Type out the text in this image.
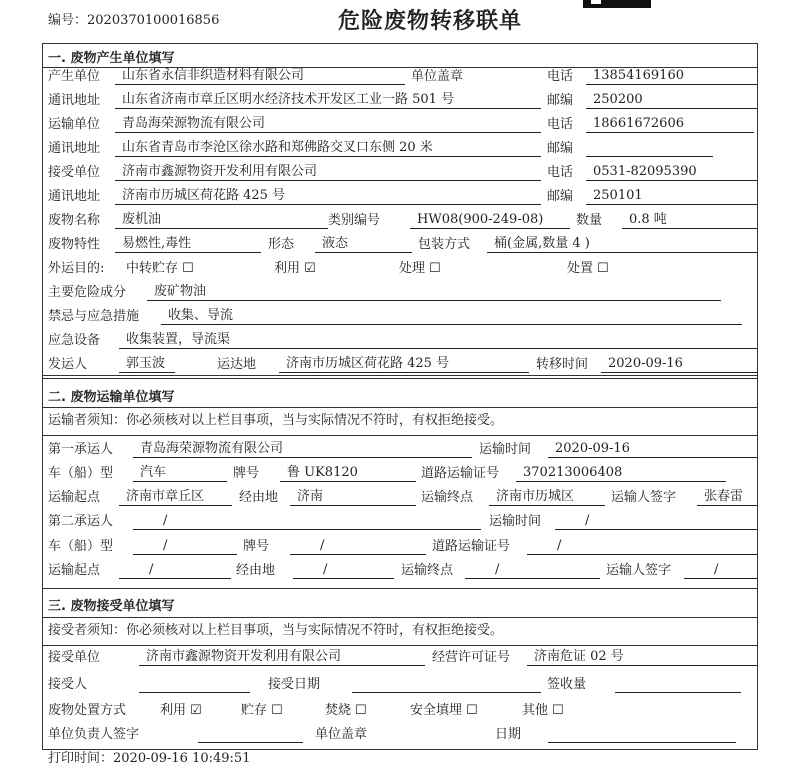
编号：2020370100016856	危险废物转移联单
打印时间：2020-09-16 10:49:51
一. 废物产生单位填写
产生单位	山东省永信非织造材料有限公司	单位盖章	电话	13854169160
通讯地址	山东省济南市章丘区明水经济技术开发区工业一路 501 号	邮编	250200
运输单位	青岛海荣源物流有限公司	电话	18661672606
通讯地址	山东省青岛市李沧区徐水路和郑佛路交叉口东侧 20 米	邮编
接受单位	济南市鑫源物资开发利用有限公司	电话	0531-82095390
通讯地址	济南市历城区荷花路 425 号	邮编	250101
废物名称	废机油	类别编号	HW08(900-249-08)	数量	0.8 吨
废物特性	易燃性,毒性	形态	液态	包装方式	桶(金属,数量 4 )
外运目的: 中转贮存 ☐	利用 ☑	处理 ☐	处置 ☐
主要危险成分	废矿物油
禁忌与应急措施	收集、导流
应急设备	收集装置，导流渠
发运人	郭玉波	运达地	济南市历城区荷花路 425 号	转移时间	2020-09-16
二. 废物运输单位填写
运输者须知：你必须核对以上栏目事项，当与实际情况不符时，有权拒绝接受。
第一承运人	青岛海荣源物流有限公司	运输时间	2020-09-16
车（船）型	汽车	牌号	鲁 UK8120	道路运输证号	370213006408
运输起点	济南市章丘区	经由地	济南	运输终点	济南市历城区	运输人签字	张春雷
第二承运人	/	运输时间	/
车（船）型	/	牌号	/	道路运输证号	/
运输起点	/	经由地	/	运输终点	/	运输人签字	/
三. 废物接受单位填写
接受者须知：你必须核对以上栏目事项，当与实际情况不符时，有权拒绝接受。
接受单位	济南市鑫源物资开发利用有限公司	经营许可证号	济南危证 02 号
接受人	接受日期	签收量
废物处置方式	利用 ☑	贮存 ☐	焚烧 ☐	安全填埋 ☐	其他 ☐
单位负责人签字	单位盖章	日期
